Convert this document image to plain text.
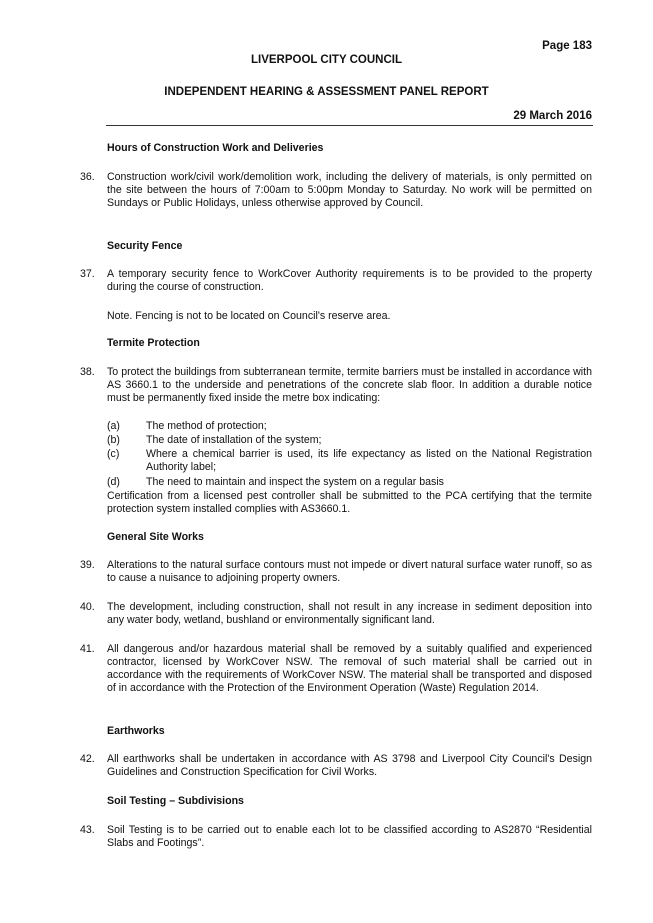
Page 183
LIVERPOOL CITY COUNCIL
INDEPENDENT HEARING & ASSESSMENT PANEL REPORT
29 March 2016
Hours of Construction Work and Deliveries
36. Construction work/civil work/demolition work, including the delivery of materials, is only permitted on the site between the hours of 7:00am to 5:00pm Monday to Saturday. No work will be permitted on Sundays or Public Holidays, unless otherwise approved by Council.
Security Fence
37. A temporary security fence to WorkCover Authority requirements is to be provided to the property during the course of construction.
Note. Fencing is not to be located on Council's reserve area.
Termite Protection
38. To protect the buildings from subterranean termite, termite barriers must be installed in accordance with AS 3660.1 to the underside and penetrations of the concrete slab floor. In addition a durable notice must be permanently fixed inside the metre box indicating:
(a) The method of protection;
(b) The date of installation of the system;
(c)	Where a chemical barrier is used, its life expectancy as listed on the National Registration Authority label;
(d) The need to maintain and inspect the system on a regular basis
Certification from a licensed pest controller shall be submitted to the PCA certifying that the termite protection system installed complies with AS3660.1.
General Site Works
39. Alterations to the natural surface contours must not impede or divert natural surface water runoff, so as to cause a nuisance to adjoining property owners.
40. The development, including construction, shall not result in any increase in sediment deposition into any water body, wetland, bushland or environmentally significant land.
41. All dangerous and/or hazardous material shall be removed by a suitably qualified and experienced contractor, licensed by WorkCover NSW. The removal of such material shall be carried out in accordance with the requirements of WorkCover NSW. The material shall be transported and disposed of in accordance with the Protection of the Environment Operation (Waste) Regulation 2014.
Earthworks
42. All earthworks shall be undertaken in accordance with AS 3798 and Liverpool City Council's Design Guidelines and Construction Specification for Civil Works.
Soil Testing – Subdivisions
43. Soil Testing is to be carried out to enable each lot to be classified according to AS2870 “Residential Slabs and Footings”.
